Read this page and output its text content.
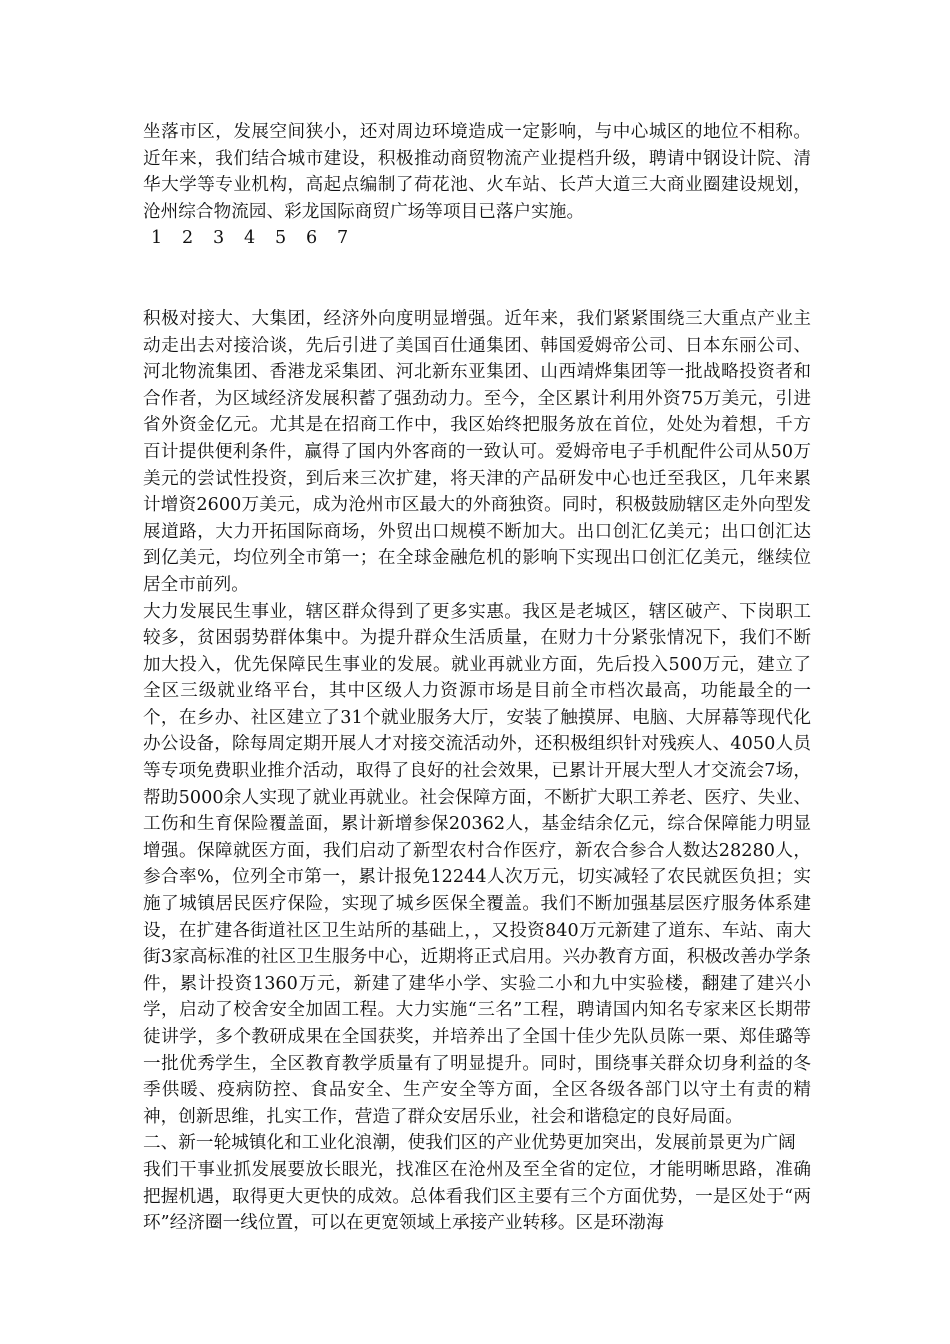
坐落市区，发展空间狭小，还对周边环境造成一定影响，与中心城区的地位不相称。近年来，我们结合城市建设，积极推动商贸物流产业提档升级，聘请中钢设计院、清华大学等专业机构，高起点编制了荷花池、火车站、长芦大道三大商业圈建设规划，沧州综合物流园、彩龙国际商贸广场等项目已落户实施。

1	2	3	4	5	6	7

积极对接大、大集团，经济外向度明显增强。近年来，我们紧紧围绕三大重点产业主动走出去对接洽谈，先后引进了美国百仕通集团、韩国爱姆帝公司、日本东丽公司、河北物流集团、香港龙采集团、河北新东亚集团、山西靖烨集团等一批战略投资者和合作者，为区域经济发展积蓄了强劲动力。至今，全区累计利用外资75万美元，引进省外资金亿元。尤其是在招商工作中，我区始终把服务放在首位，处处为着想，千方百计提供便利条件，赢得了国内外客商的一致认可。爱姆帝电子手机配件公司从50万美元的尝试性投资，到后来三次扩建，将天津的产品研发中心也迁至我区，几年来累计增资2600万美元，成为沧州市区最大的外商独资。同时，积极鼓励辖区走外向型发展道路，大力开拓国际商场，外贸出口规模不断加大。出口创汇亿美元；出口创汇达到亿美元，均位列全市第一；在全球金融危机的影响下实现出口创汇亿美元，继续位居全市前列。

大力发展民生事业，辖区群众得到了更多实惠。我区是老城区，辖区破产、下岗职工较多，贫困弱势群体集中。为提升群众生活质量，在财力十分紧张情况下，我们不断加大投入，优先保障民生事业的发展。就业再就业方面，先后投入500万元，建立了全区三级就业络平台，其中区级人力资源市场是目前全市档次最高，功能最全的一个，在乡办、社区建立了31个就业服务大厅，安装了触摸屏、电脑、大屏幕等现代化办公设备，除每周定期开展人才对接交流活动外，还积极组织针对残疾人、4050人员等专项免费职业推介活动，取得了良好的社会效果，已累计开展大型人才交流会7场，帮助5000余人实现了就业再就业。社会保障方面，不断扩大职工养老、医疗、失业、工伤和生育保险覆盖面，累计新增参保20362人，基金结余亿元，综合保障能力明显增强。保障就医方面，我们启动了新型农村合作医疗，新农合参合人数达28280人，参合率%，位列全市第一，累计报免12244人次万元，切实减轻了农民就医负担；实施了城镇居民医疗保险，实现了城乡医保全覆盖。我们不断加强基层医疗服务体系建设，在扩建各街道社区卫生站所的基础上，，又投资840万元新建了道东、车站、南大街3家高标准的社区卫生服务中心，近期将正式启用。兴办教育方面，积极改善办学条件，累计投资1360万元，新建了建华小学、实验二小和九中实验楼，翻建了建兴小学，启动了校舍安全加固工程。大力实施“三名”工程，聘请国内知名专家来区长期带徒讲学，多个教研成果在全国获奖，并培养出了全国十佳少先队员陈一栗、郑佳璐等一批优秀学生，全区教育教学质量有了明显提升。同时，围绕事关群众切身利益的冬季供暖、疫病防控、食品安全、生产安全等方面，全区各级各部门以守土有责的精神，创新思维，扎实工作，营造了群众安居乐业，社会和谐稳定的良好局面。

二、新一轮城镇化和工业化浪潮，使我们区的产业优势更加突出，发展前景更为广阔

我们干事业抓发展要放长眼光，找准区在沧州及至全省的定位，才能明晰思路，准确把握机遇，取得更大更快的成效。总体看我们区主要有三个方面优势，一是区处于“两环”经济圈一线位置，可以在更宽领域上承接产业转移。区是环渤海
